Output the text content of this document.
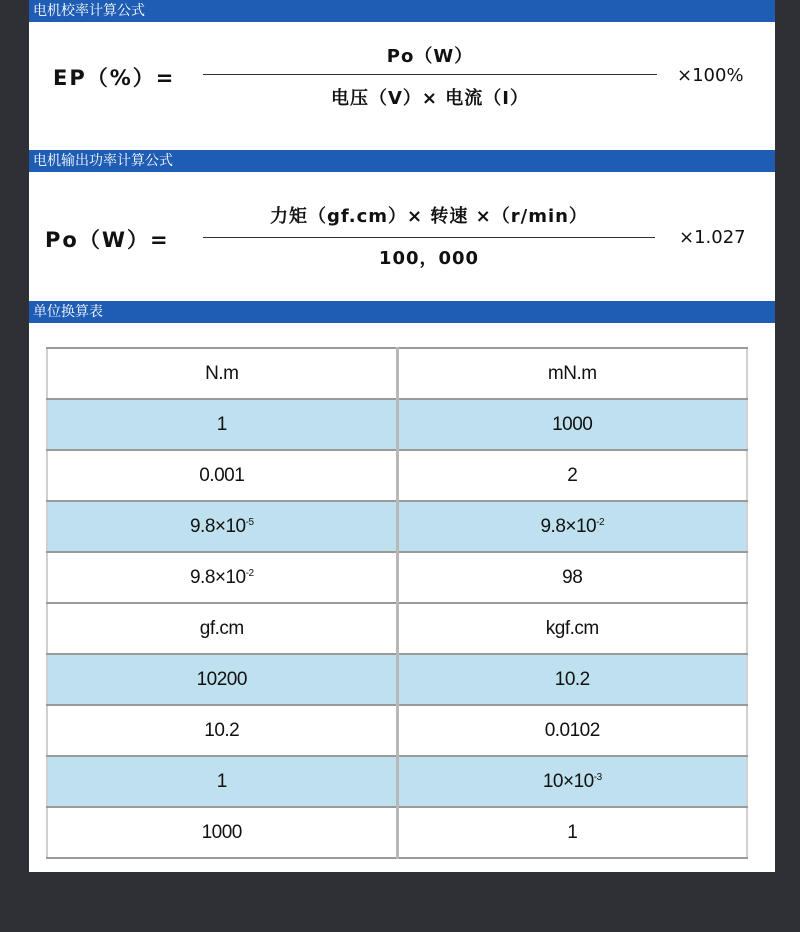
电机校率计算公式
EP（%）=
Po（W）
电压（V）× 电流（I）
×100%
电机输出功率计算公式
Po（W）=
力矩（gf.cm）× 转速 ×（r/min）
100，000
×1.027
单位换算表
N.m	mN.m
1	1000
0.001	2
$9.8\times 10^{-5}$	$9.8\times 10^{-2}$
$9.8\times 10^{-2}$	98
gf.cm	kgf.cm
10200	10.2
10.2	0.0102
1	$10\times 10^{-3}$
1000	1
